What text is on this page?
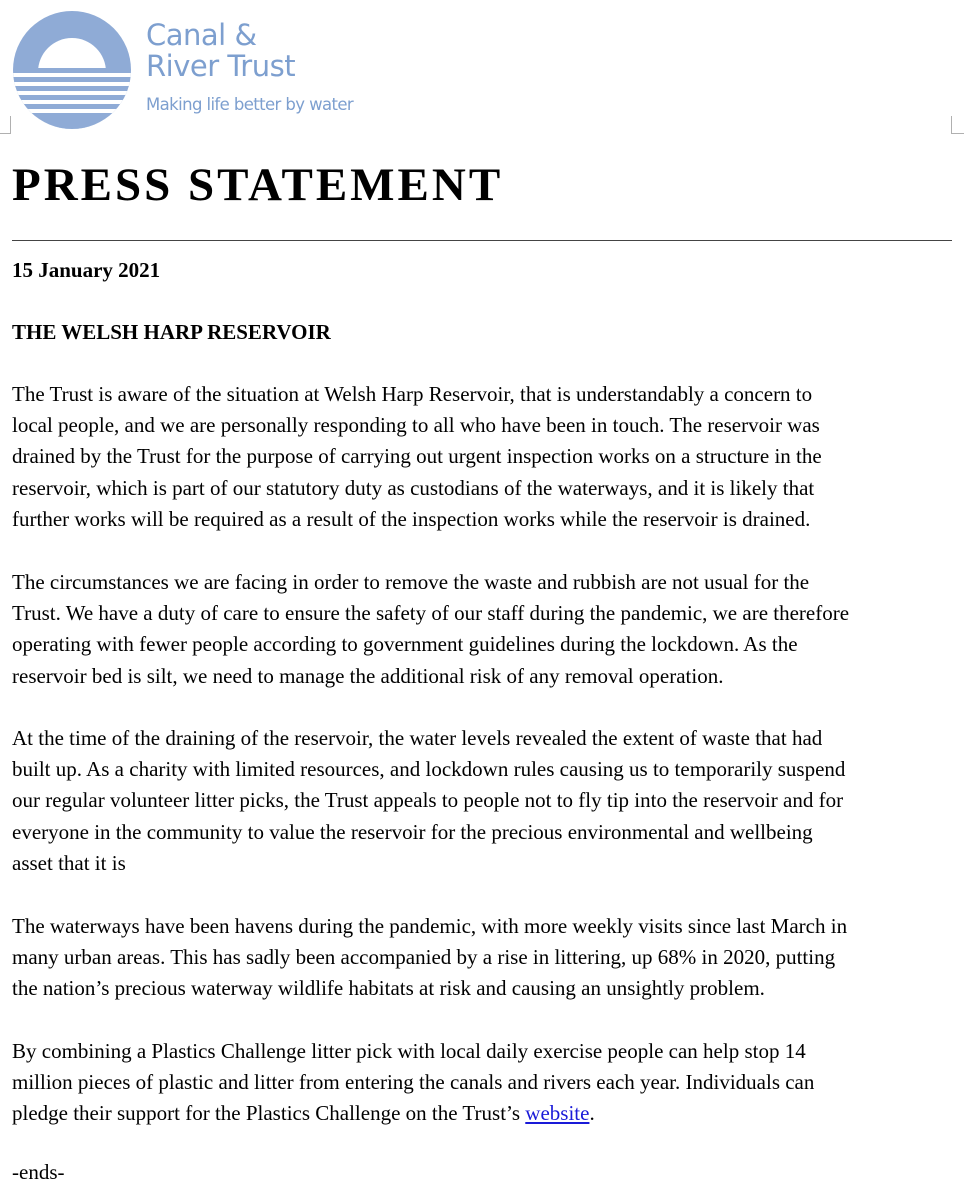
Canal &
River Trust
Making life better by water
PRESS STATEMENT
15 January 2021
THE WELSH HARP RESERVOIR
The Trust is aware of the situation at Welsh Harp Reservoir, that is understandably a concern to
local people, and we are personally responding to all who have been in touch. The reservoir was
drained by the Trust for the purpose of carrying out urgent inspection works on a structure in the
reservoir, which is part of our statutory duty as custodians of the waterways, and it is likely that
further works will be required as a result of the inspection works while the reservoir is drained.
The circumstances we are facing in order to remove the waste and rubbish are not usual for the
Trust. We have a duty of care to ensure the safety of our staff during the pandemic, we are therefore
operating with fewer people according to government guidelines during the lockdown. As the
reservoir bed is silt, we need to manage the additional risk of any removal operation.
At the time of the draining of the reservoir, the water levels revealed the extent of waste that had
built up. As a charity with limited resources, and lockdown rules causing us to temporarily suspend
our regular volunteer litter picks, the Trust appeals to people not to fly tip into the reservoir and for
everyone in the community to value the reservoir for the precious environmental and wellbeing
asset that it is
The waterways have been havens during the pandemic, with more weekly visits since last March in
many urban areas. This has sadly been accompanied by a rise in littering, up 68% in 2020, putting
the nation’s precious waterway wildlife habitats at risk and causing an unsightly problem.
By combining a Plastics Challenge litter pick with local daily exercise people can help stop 14
million pieces of plastic and litter from entering the canals and rivers each year. Individuals can
pledge their support for the Plastics Challenge on the Trust’s website.
-ends-
